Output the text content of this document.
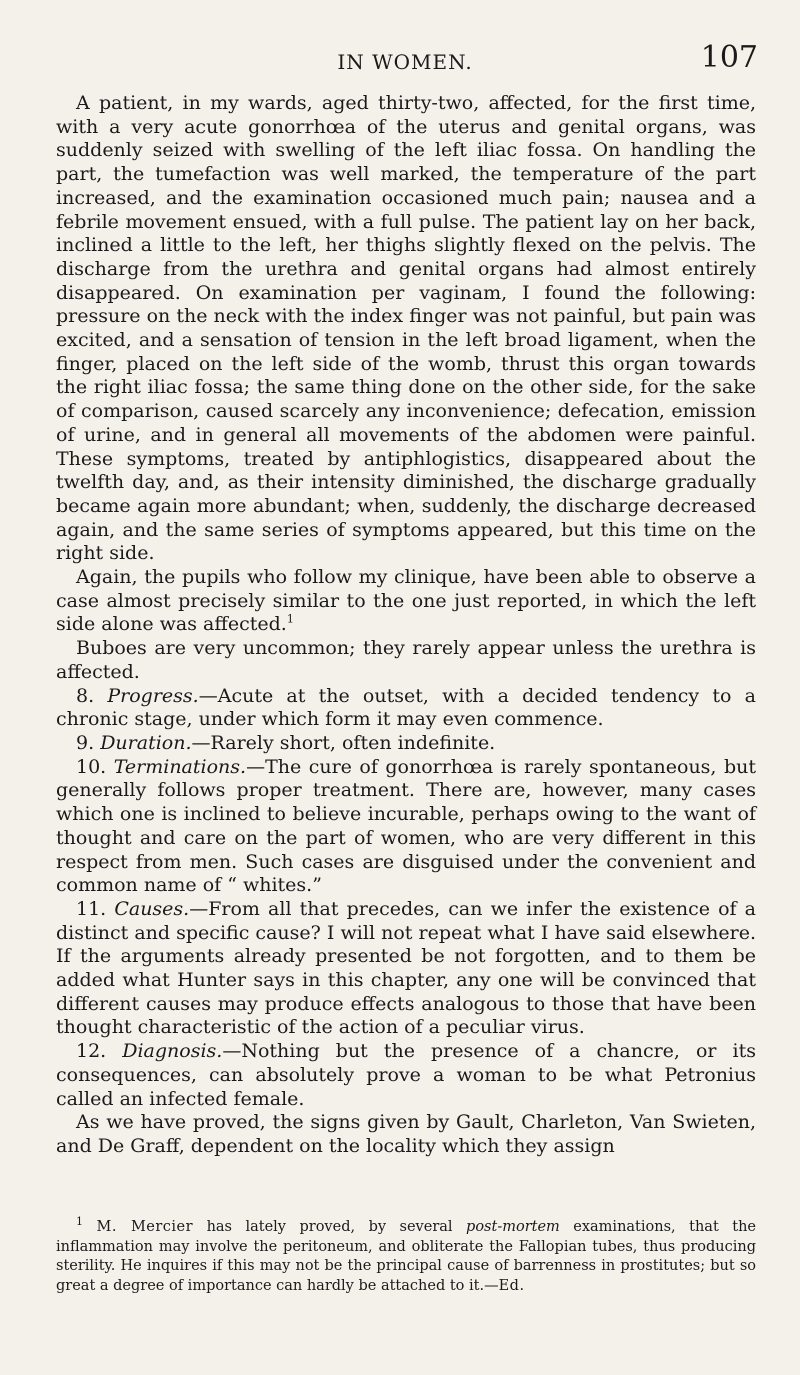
IN WOMEN.	107

A patient, in my wards, aged thirty-two, affected, for the first time, with a very acute gonorrhœa of the uterus and genital organs, was suddenly seized with swelling of the left iliac fossa. On handling the part, the tumefaction was well marked, the temperature of the part increased, and the examination occasioned much pain; nausea and a febrile movement ensued, with a full pulse. The patient lay on her back, inclined a little to the left, her thighs slightly flexed on the pelvis. The discharge from the urethra and genital organs had almost entirely disappeared. On examination per vaginam, I found the following: pressure on the neck with the index finger was not painful, but pain was excited, and a sensation of tension in the left broad ligament, when the finger, placed on the left side of the womb, thrust this organ towards the right iliac fossa; the same thing done on the other side, for the sake of comparison, caused scarcely any inconvenience; defecation, emission of urine, and in general all movements of the abdomen were painful. These symptoms, treated by antiphlogistics, disappeared about the twelfth day, and, as their intensity diminished, the discharge gradually became again more abundant; when, suddenly, the discharge decreased again, and the same series of symptoms appeared, but this time on the right side.

Again, the pupils who follow my clinique, have been able to observe a case almost precisely similar to the one just reported, in which the left side alone was affected.$^1$

Buboes are very uncommon; they rarely appear unless the urethra is affected.

8. Progress.—Acute at the outset, with a decided tendency to a chronic stage, under which form it may even commence.

9. Duration.—Rarely short, often indefinite.

10. Terminations.—The cure of gonorrhœa is rarely spontaneous, but generally follows proper treatment. There are, however, many cases which one is inclined to believe incurable, perhaps owing to the want of thought and care on the part of women, who are very different in this respect from men. Such cases are disguised under the convenient and common name of “ whites.”

11. Causes.—From all that precedes, can we infer the existence of a distinct and specific cause? I will not repeat what I have said elsewhere. If the arguments already presented be not forgotten, and to them be added what Hunter says in this chapter, any one will be convinced that different causes may produce effects analogous to those that have been thought characteristic of the action of a peculiar virus.

12. Diagnosis.—Nothing but the presence of a chancre, or its consequences, can absolutely prove a woman to be what Petronius called an infected female.

As we have proved, the signs given by Gault, Charleton, Van Swieten, and De Graff, dependent on the locality which they assign

$^1$ M. Mercier has lately proved, by several post-mortem examinations, that the inflammation may involve the peritoneum, and obliterate the Fallopian tubes, thus producing sterility. He inquires if this may not be the principal cause of barrenness in prostitutes; but so great a degree of importance can hardly be attached to it.—Ed.
